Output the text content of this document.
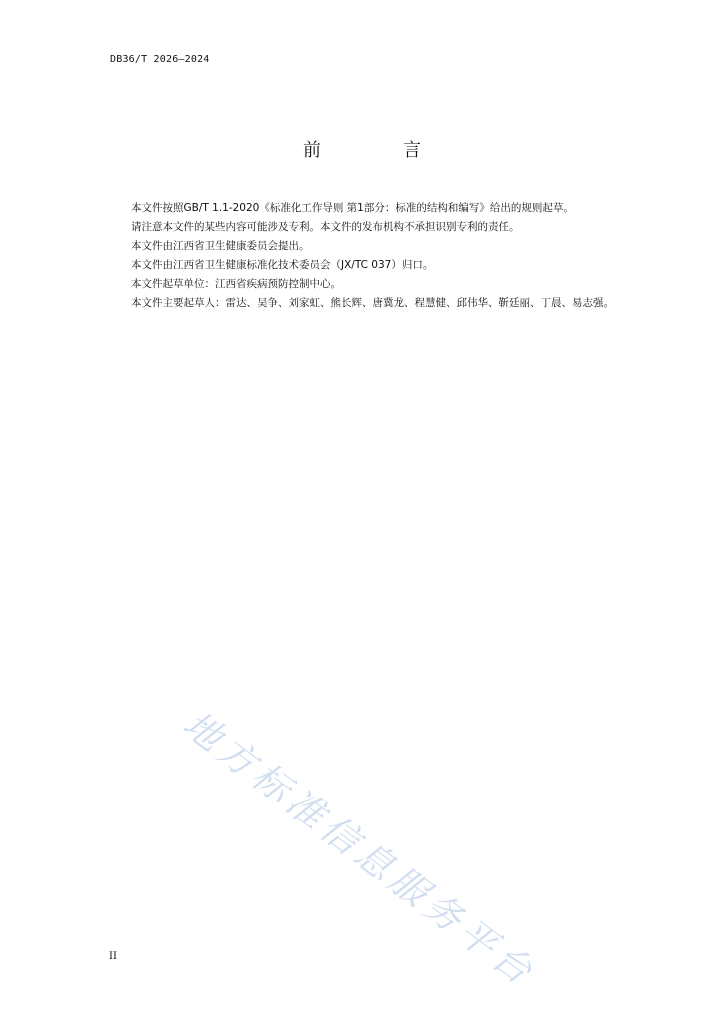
DB36/T 2026—2024
前　言

本文件按照GB/T 1.1-2020《标准化工作导则 第1部分：标准的结构和编写》给出的规则起草。

请注意本文件的某些内容可能涉及专利。本文件的发布机构不承担识别专利的责任。

本文件由江西省卫生健康委员会提出。

本文件由江西省卫生健康标准化技术委员会（JX/TC 037）归口。

本文件起草单位：江西省疾病预防控制中心。

本文件主要起草人：雷达、吴争、刘家虹、熊长辉、唐冀龙、程慧健、邱伟华、靳廷丽、丁晨、易志强。

地方标准信息服务平台
II
